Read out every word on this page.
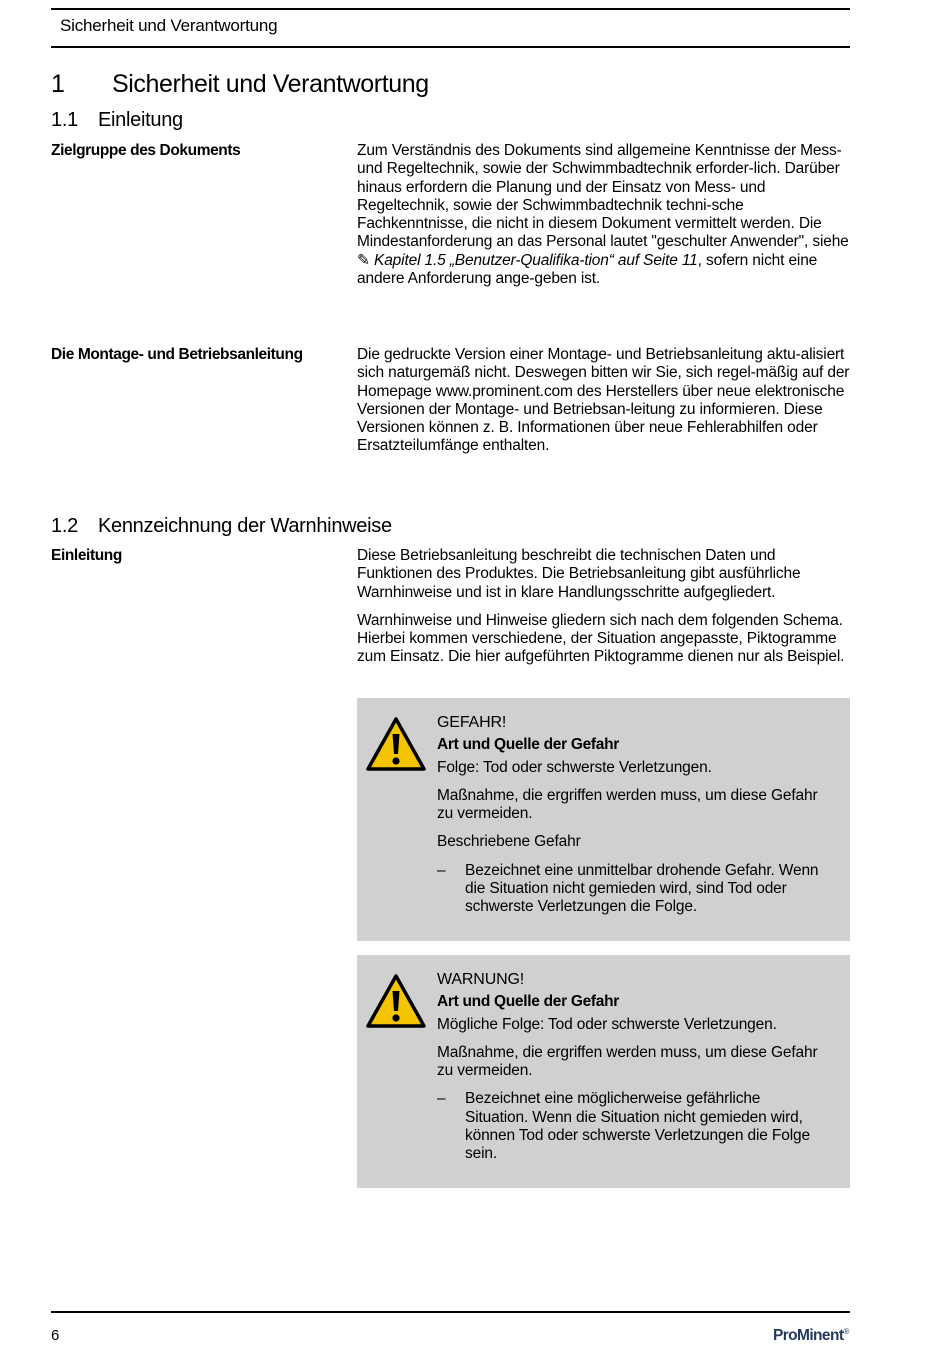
Sicherheit und Verantwortung
1 Sicherheit und Verantwortung
1.1 Einleitung
Zielgruppe des Dokuments	Zum Verständnis des Dokuments sind allgemeine Kenntnisse der Mess- und Regeltechnik, sowie der Schwimmbadtechnik erforder-lich. Darüber hinaus erfordern die Planung und der Einsatz von Mess- und Regeltechnik, sowie der Schwimmbadtechnik techni-sche Fachkenntnisse, die nicht in diesem Dokument vermittelt werden. Die Mindestanforderung an das Personal lautet "geschulter Anwender", siehe ✎ Kapitel 1.5 „Benutzer-Qualifika-tion“ auf Seite 11, sofern nicht eine andere Anforderung ange-geben ist.
Die Montage- und Betriebsanleitung	Die gedruckte Version einer Montage- und Betriebsanleitung aktu-alisiert sich naturgemäß nicht. Deswegen bitten wir Sie, sich regel-mäßig auf der Homepage www.prominent.com des Herstellers über neue elektronische Versionen der Montage- und Betriebsan-leitung zu informieren. Diese Versionen können z. B. Informationen über neue Fehlerabhilfen oder Ersatzteilumfänge enthalten.
1.2 Kennzeichnung der Warnhinweise
Einleitung	Diese Betriebsanleitung beschreibt die technischen Daten und Funktionen des Produktes. Die Betriebsanleitung gibt ausführliche Warnhinweise und ist in klare Handlungsschritte aufgegliedert.

Warnhinweise und Hinweise gliedern sich nach dem folgenden Schema. Hierbei kommen verschiedene, der Situation angepasste, Piktogramme zum Einsatz. Die hier aufgeführten Piktogramme dienen nur als Beispiel.

GEFAHR!
Art und Quelle der Gefahr

Folge: Tod oder schwerste Verletzungen.

Maßnahme, die ergriffen werden muss, um diese Gefahr zu vermeiden.

Beschriebene Gefahr

–	Bezeichnet eine unmittelbar drohende Gefahr. Wenn die Situation nicht gemieden wird, sind Tod oder schwerste Verletzungen die Folge.
WARNUNG!
Art und Quelle der Gefahr

Mögliche Folge: Tod oder schwerste Verletzungen.

Maßnahme, die ergriffen werden muss, um diese Gefahr zu vermeiden.

–	Bezeichnet eine möglicherweise gefährliche Situation. Wenn die Situation nicht gemieden wird, können Tod oder schwerste Verletzungen die Folge sein.
6	ProMinent®
